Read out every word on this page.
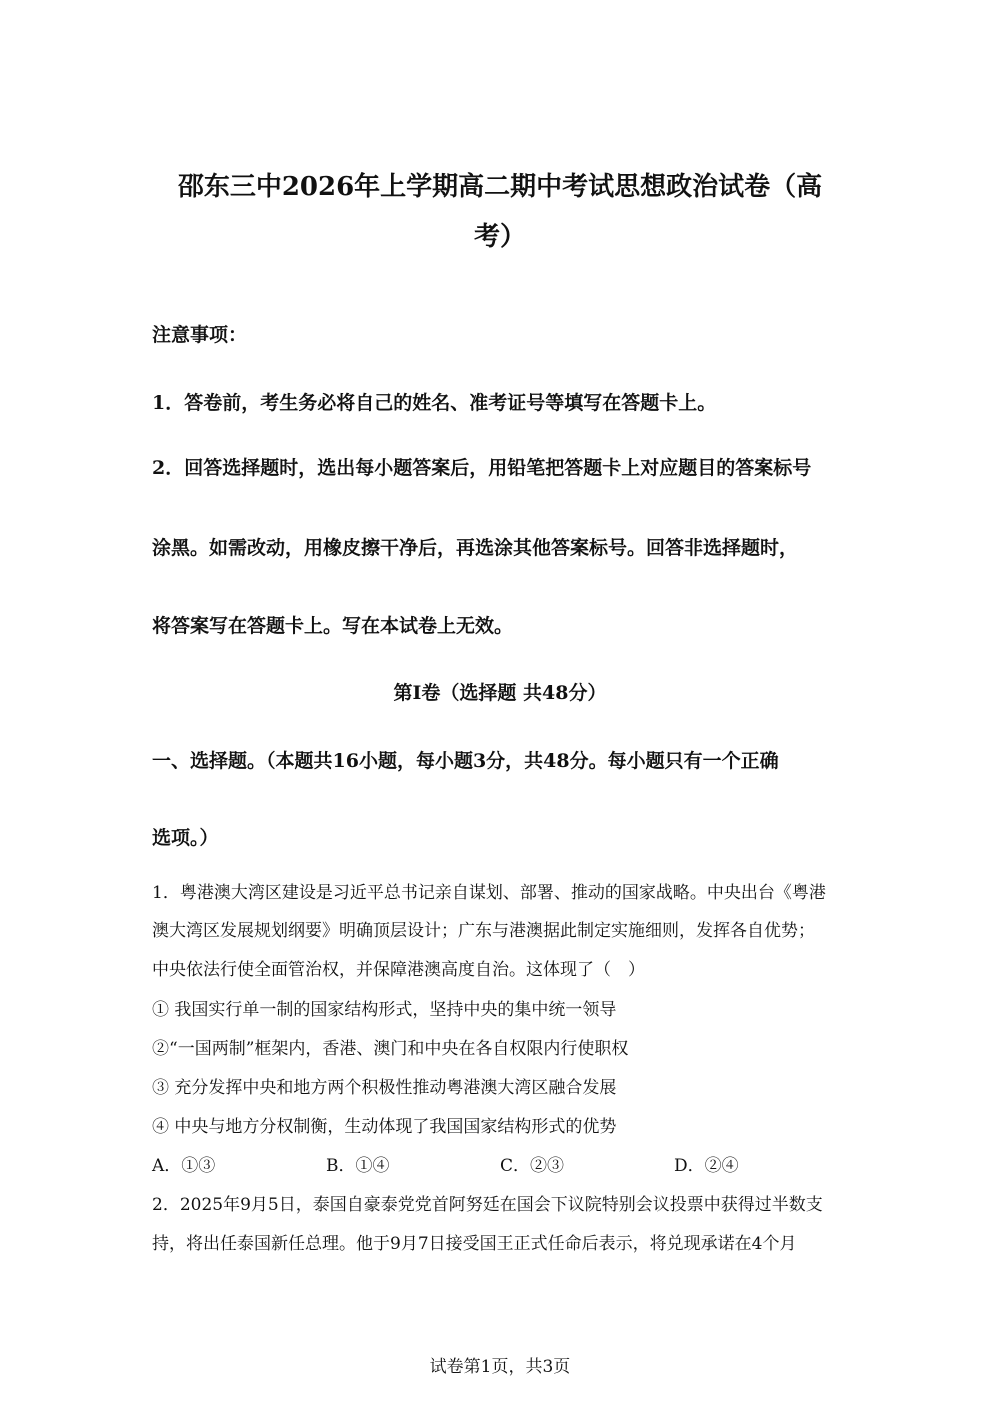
邵东三中2026年上学期高二期中考试思想政治试卷（高
考）
注意事项：
1．答卷前，考生务必将自己的姓名、准考证号等填写在答题卡上。
2．回答选择题时，选出每小题答案后，用铅笔把答题卡上对应题目的答案标号
涂黑。如需改动，用橡皮擦干净后，再选涂其他答案标号。回答非选择题时，
将答案写在答题卡上。写在本试卷上无效。
第Ⅰ卷（选择题 共48分）
一、选择题。（本题共16小题，每小题3分，共48分。每小题只有一个正确
选项。）
1．粤港澳大湾区建设是习近平总书记亲自谋划、部署、推动的国家战略。中央出台《粤港
澳大湾区发展规划纲要》明确顶层设计；广东与港澳据此制定实施细则，发挥各自优势；
中央依法行使全面管治权，并保障港澳高度自治。这体现了（　）
① 我国实行单一制的国家结构形式，坚持中央的集中统一领导
②“一国两制”框架内，香港、澳门和中央在各自权限内行使职权
③ 充分发挥中央和地方两个积极性推动粤港澳大湾区融合发展
④ 中央与地方分权制衡，生动体现了我国国家结构形式的优势
A．①③	B．①④	C．②③	D．②④
2．2025年9月5日，泰国自豪泰党党首阿努廷在国会下议院特别会议投票中获得过半数支
持，将出任泰国新任总理。他于9月7日接受国王正式任命后表示，将兑现承诺在4个月
试卷第1页，共3页
